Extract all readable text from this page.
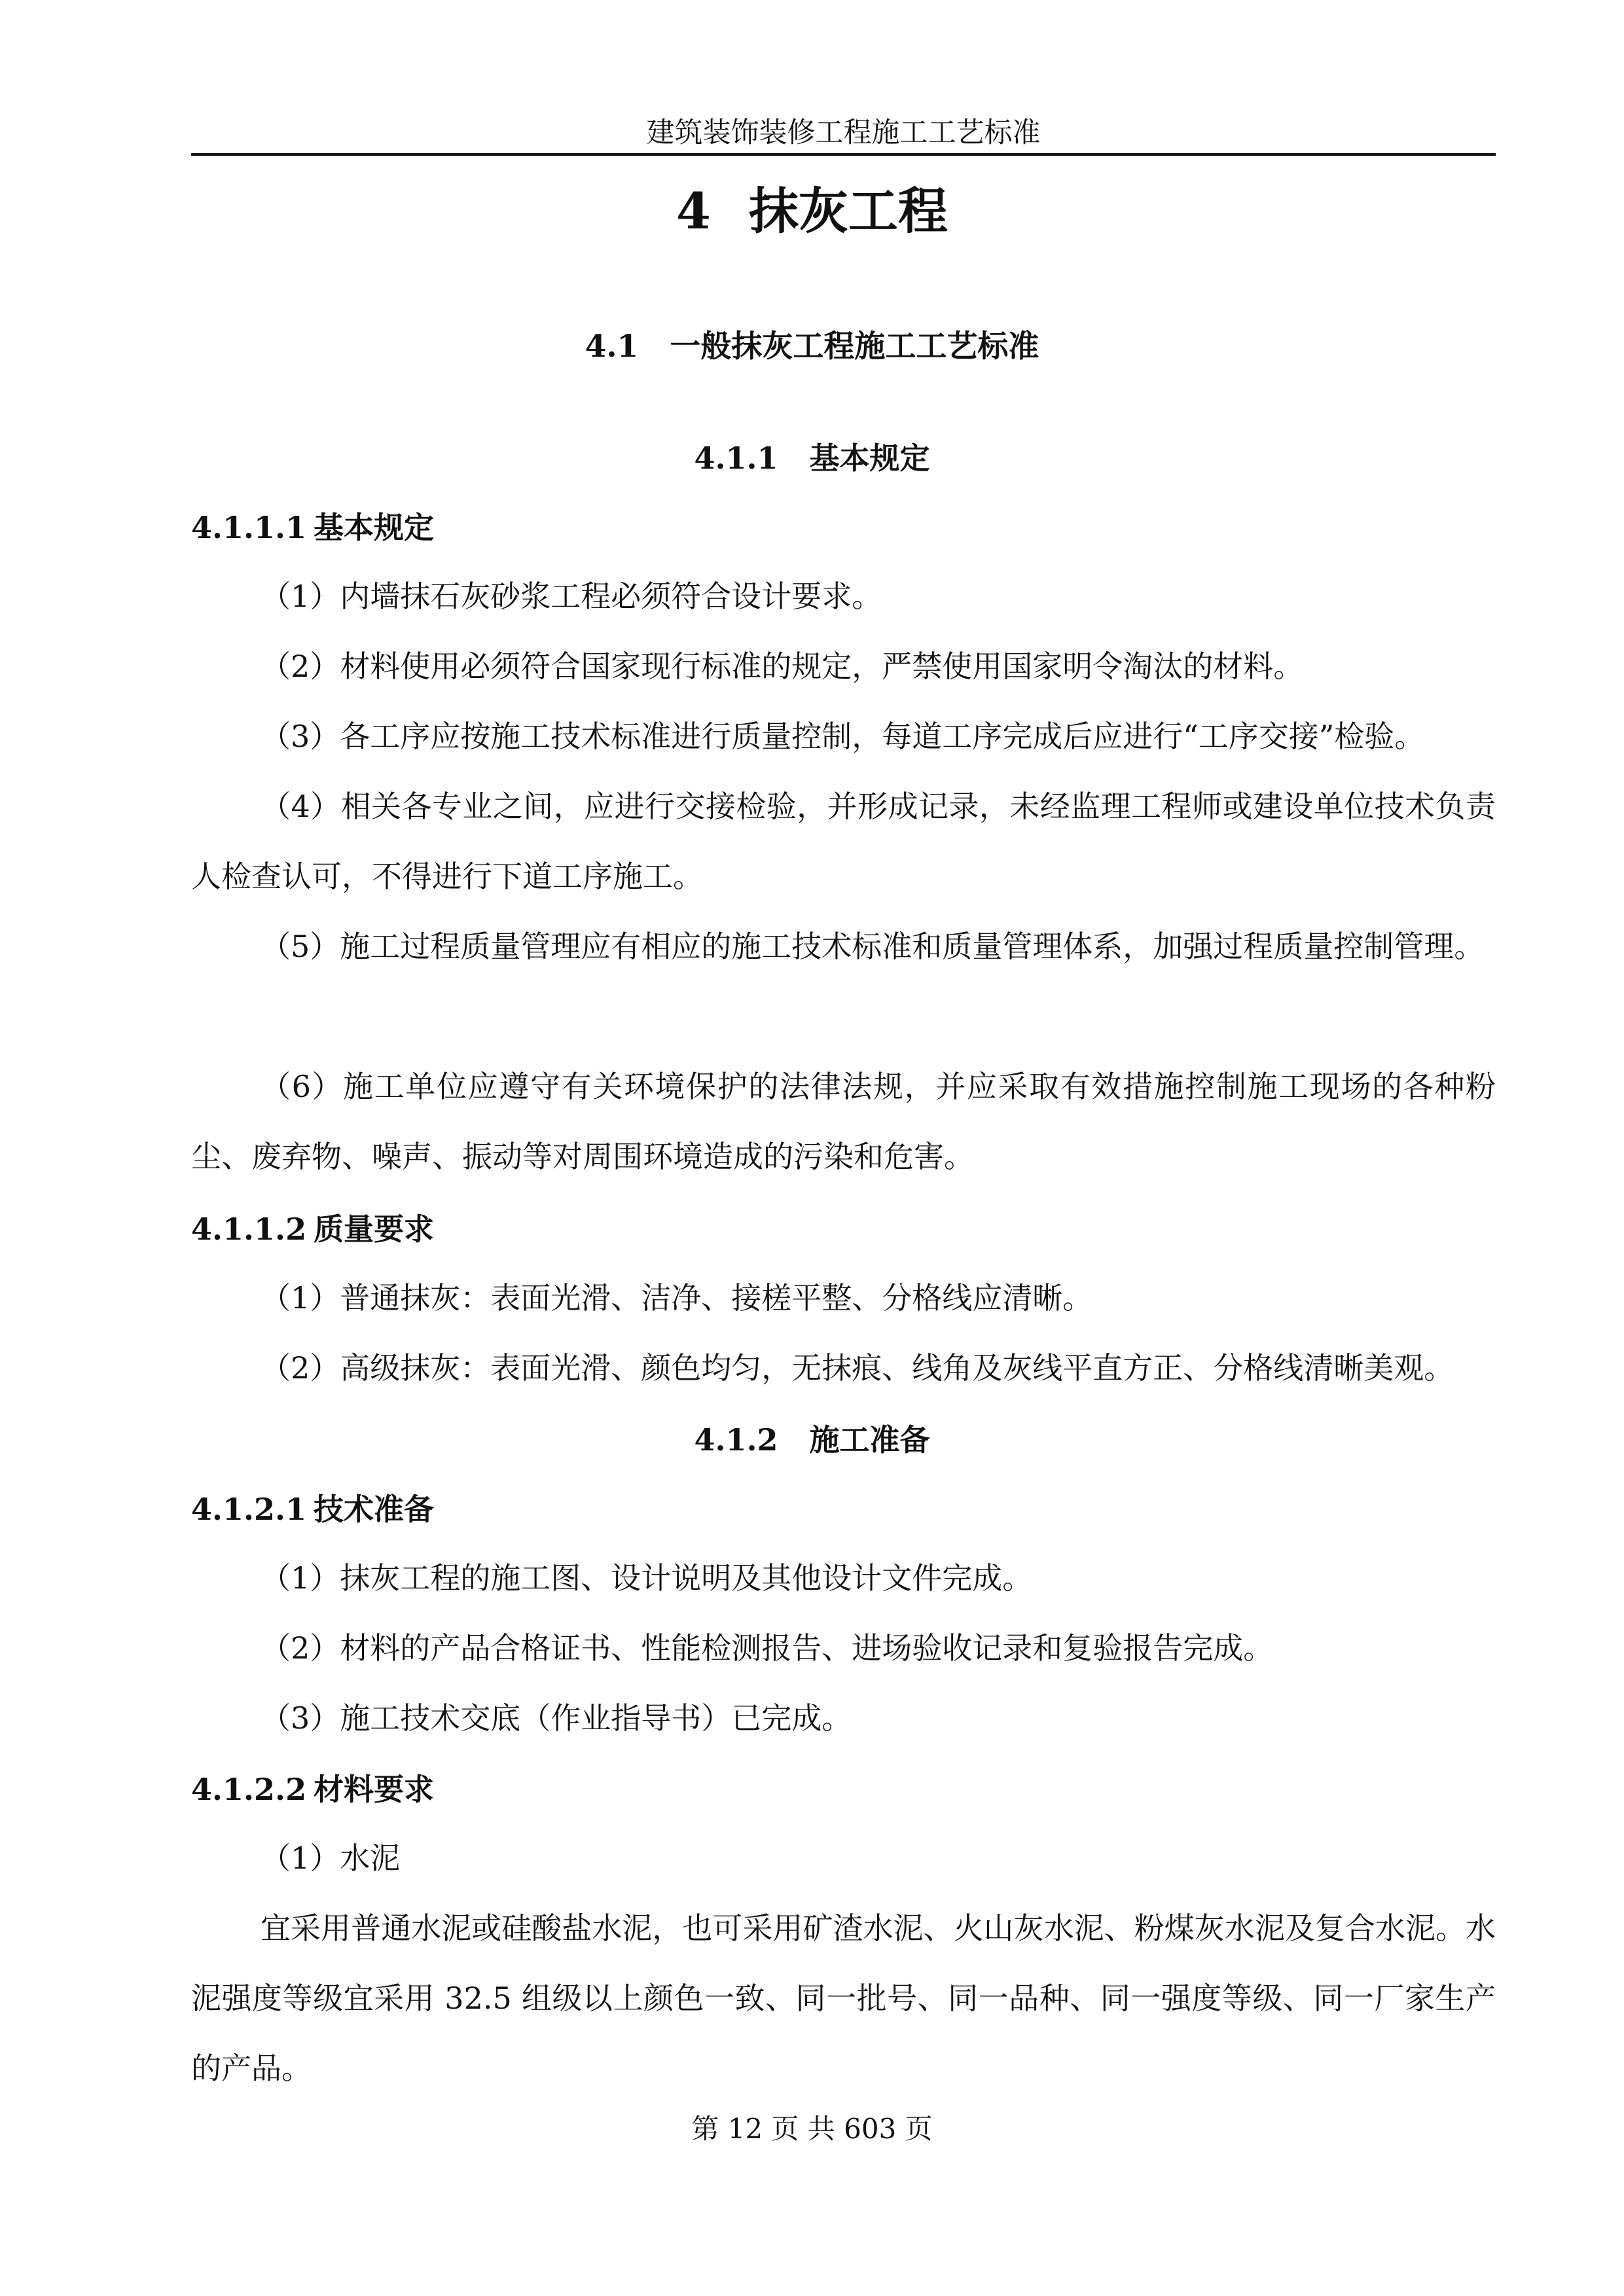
建筑装饰装修工程施工工艺标准
4 抹灰工程
4.1 一般抹灰工程施工工艺标准
4.1.1 基本规定
4.1.1.1 基本规定

（1）内墙抹石灰砂浆工程必须符合设计要求。

（2）材料使用必须符合国家现行标准的规定，严禁使用国家明令淘汰的材料。

（3）各工序应按施工技术标准进行质量控制，每道工序完成后应进行“工序交接”检验。

（4）相关各专业之间，应进行交接检验，并形成记录，未经监理工程师或建设单位技术负责人检查认可，不得进行下道工序施工。

（5）施工过程质量管理应有相应的施工技术标准和质量管理体系，加强过程质量控制管理。

（6）施工单位应遵守有关环境保护的法律法规，并应采取有效措施控制施工现场的各种粉尘、废弃物、噪声、振动等对周围环境造成的污染和危害。

4.1.1.2 质量要求

（1）普通抹灰：表面光滑、洁净、接槎平整、分格线应清晰。

（2）高级抹灰：表面光滑、颜色均匀，无抹痕、线角及灰线平直方正、分格线清晰美观。

4.1.2 施工准备
4.1.2.1 技术准备

（1）抹灰工程的施工图、设计说明及其他设计文件完成。

（2）材料的产品合格证书、性能检测报告、进场验收记录和复验报告完成。

（3）施工技术交底（作业指导书）已完成。

4.1.2.2 材料要求

（1）水泥

宜采用普通水泥或硅酸盐水泥，也可采用矿渣水泥、火山灰水泥、粉煤灰水泥及复合水泥。水泥强度等级宜采用 32.5 组级以上颜色一致、同一批号、同一品种、同一强度等级、同一厂家生产的产品。

第 12 页 共 603 页
